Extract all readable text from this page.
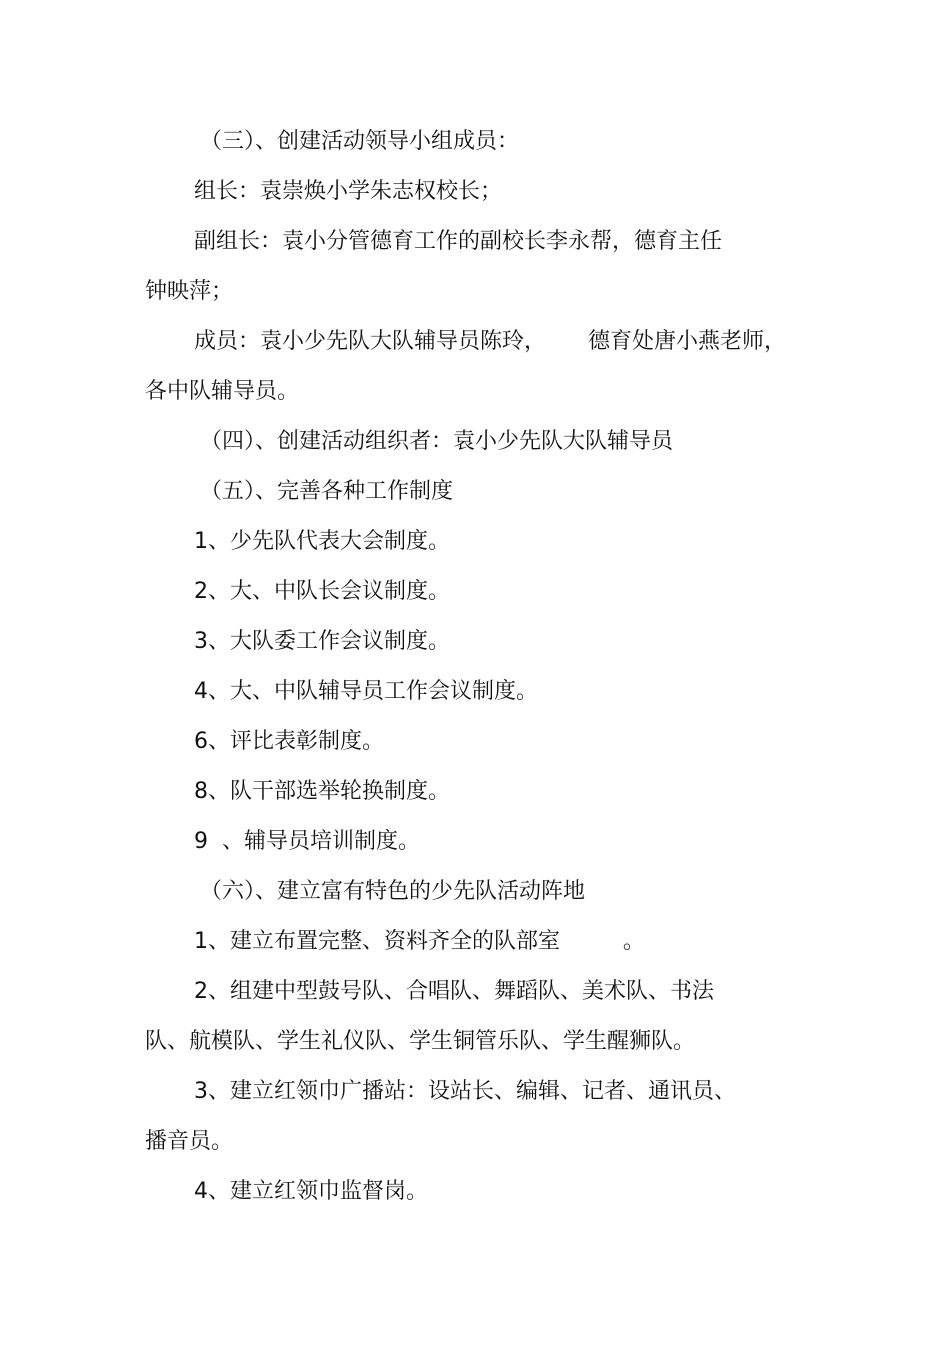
（三）、创建活动领导小组成员：
组长：袁崇焕小学朱志权校长；
副组长：袁小分管德育工作的副校长李永帮，德育主任
钟映萍；
成员：袁小少先队大队辅导员陈玲，      德育处唐小燕老师，
各中队辅导员。
（四）、创建活动组织者：袁小少先队大队辅导员
（五）、完善各种工作制度
1、少先队代表大会制度。
2、大、中队长会议制度。
3、大队委工作会议制度。
4、大、中队辅导员工作会议制度。
6、评比表彰制度。
8、队干部选举轮换制度。
9  、辅导员培训制度。
（六）、建立富有特色的少先队活动阵地
1、建立布置完整、资料齐全的队部室         。
2、组建中型鼓号队、合唱队、舞蹈队、美术队、书法
队、航模队、学生礼仪队、学生铜管乐队、学生醒狮队。
3、建立红领巾广播站：设站长、编辑、记者、通讯员、
播音员。
4、建立红领巾监督岗。
